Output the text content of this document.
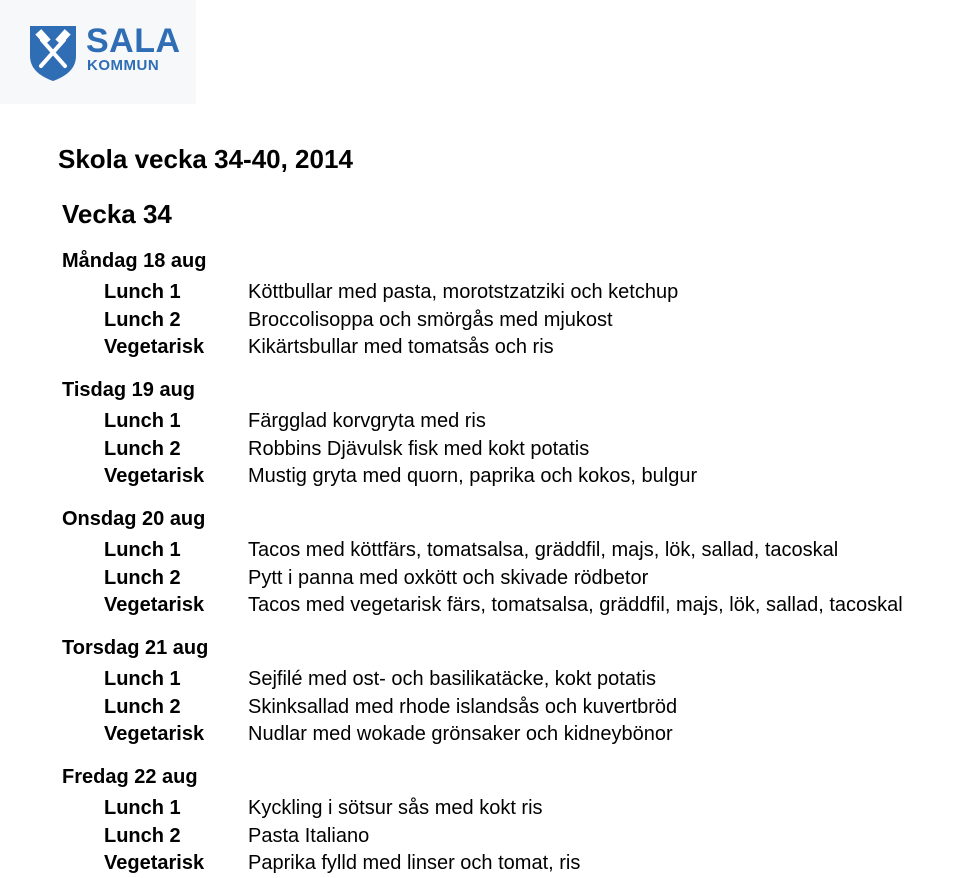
SALA
KOMMUN
Skola vecka 34-40, 2014
Vecka 34
Måndag 18 aug
Lunch 1	Köttbullar med pasta, morotstzatziki och ketchup
Lunch 2	Broccolisoppa och smörgås med mjukost
Vegetarisk Kikärtsbullar med tomatsås och ris
Tisdag 19 aug
Lunch 1	Färgglad korvgryta med ris
Lunch 2	Robbins Djävulsk fisk med kokt potatis
Vegetarisk Mustig gryta med quorn, paprika och kokos, bulgur
Onsdag 20 aug
Lunch 1	Tacos med köttfärs, tomatsalsa, gräddfil, majs, lök, sallad, tacoskal
Lunch 2	Pytt i panna med oxkött och skivade rödbetor
Vegetarisk Tacos med vegetarisk färs, tomatsalsa, gräddfil, majs, lök, sallad, tacoskal
Torsdag 21 aug
Lunch 1	Sejfilé med ost- och basilikatäcke, kokt potatis
Lunch 2	Skinksallad med rhode islandsås och kuvertbröd
Vegetarisk Nudlar med wokade grönsaker och kidneybönor
Fredag 22 aug
Lunch 1	Kyckling i sötsur sås med kokt ris
Lunch 2	Pasta Italiano
Vegetarisk Paprika fylld med linser och tomat, ris
